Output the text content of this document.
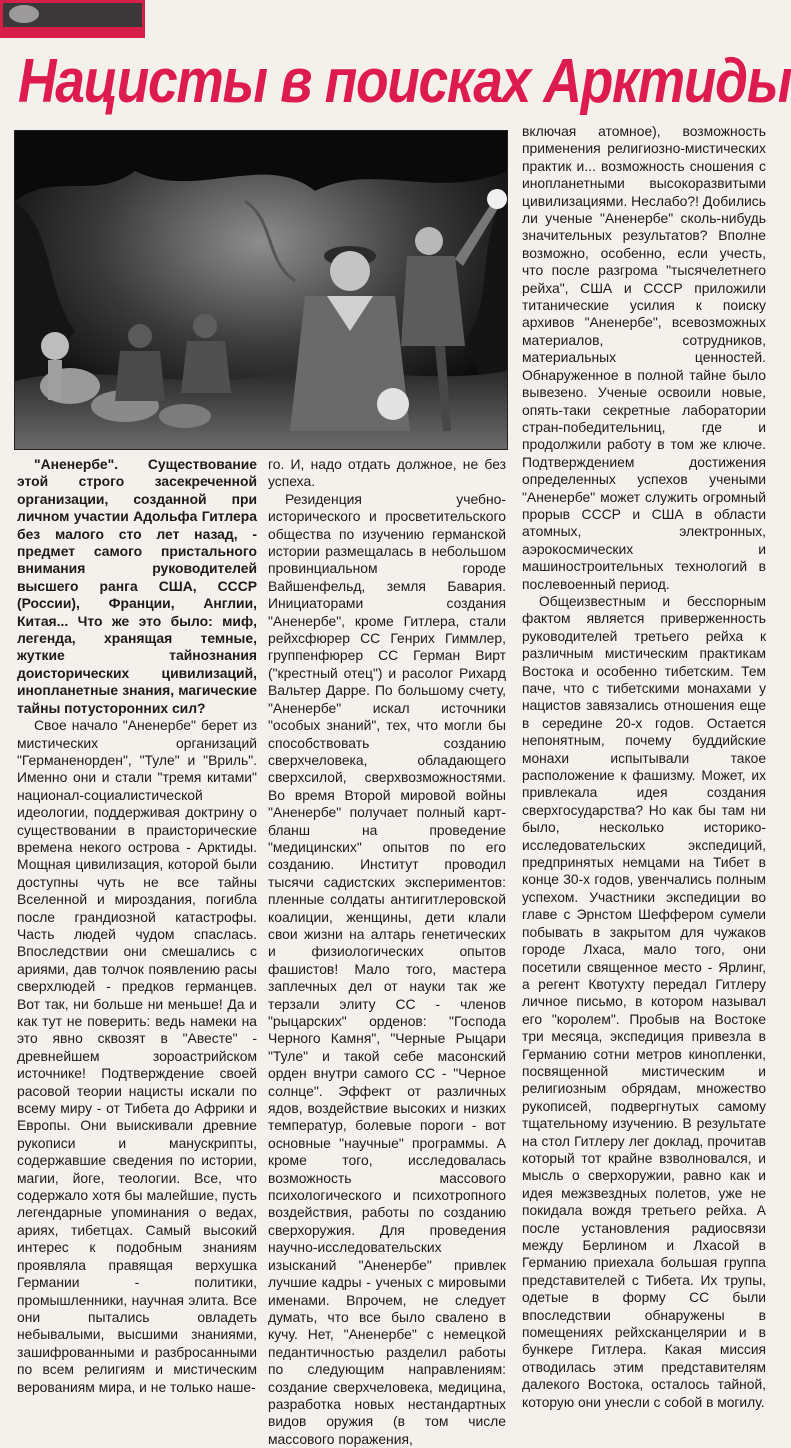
Нацисты в поисках Арктиды

"Аненербе". Существование этой строго засекреченной организации, созданной при личном участии Адольфа Гитлера без малого сто лет назад, - предмет самого пристального внимания руководителей высшего ранга США, СССР (России), Франции, Англии, Китая... Что же это было: миф, легенда, хранящая темные, жуткие тайнознания доисторических цивилизаций, инопланетные знания, магические тайны потусторонних сил?

Свое начало "Аненербе" берет из мистических организаций "Германенорден", "Туле" и "Вриль". Именно они и стали "тремя китами" национал-социалистической идеологии, поддерживая доктрину о существовании в праисторические времена некого острова - Арктиды. Мощная цивилизация, которой были доступны чуть не все тайны Вселенной и мироздания, погибла после грандиозной катастрофы. Часть людей чудом спаслась. Впоследствии они смешались с ариями, дав толчок появлению расы сверхлюдей - предков германцев. Вот так, ни больше ни меньше! Да и как тут не поверить: ведь намеки на это явно сквозят в "Авесте" - древнейшем зороастрийском источнике! Подтверждение своей расовой теории нацисты искали по всему миру - от Тибета до Африки и Европы. Они выискивали древние рукописи и манускрипты, содержавшие сведения по истории, магии, йоге, теологии. Все, что содержало хотя бы малейшие, пусть легендарные упоминания о ведах, ариях, тибетцах. Самый высокий интерес к подобным знаниям проявляла правящая верхушка Германии - политики, промышленники, научная элита. Все они пытались овладеть небывалыми, высшими знаниями, зашифрованными и разбросанными по всем религиям и мистическим верованиям мира, и не только наше-

го. И, надо отдать должное, не без успеха.

Резиденция учебно-исторического и просветительского общества по изучению германской истории размещалась в небольшом провинциальном городе Вайшенфельд, земля Бавария. Инициаторами создания "Аненербе", кроме Гитлера, стали рейхсфюрер СС Генрих Гиммлер, группенфюрер СС Герман Вирт ("крестный отец") и расолог Рихард Вальтер Дарре. По большому счету, "Аненербе" искал источники "особых знаний", тех, что могли бы способствовать созданию сверхчеловека, обладающего сверхсилой, сверхвозможностями. Во время Второй мировой войны "Аненербе" получает полный карт-бланш на проведение "медицинских" опытов по его созданию. Институт проводил тысячи садистских экспериментов: пленные солдаты антигитлеровской коалиции, женщины, дети клали свои жизни на алтарь генетических и физиологических опытов фашистов! Мало того, мастера заплечных дел от науки так же терзали элиту СС - членов "рыцарских" орденов: "Господа Черного Камня", "Черные Рыцари "Туле" и такой себе масонский орден внутри самого СС - "Черное солнце". Эффект от различных ядов, воздействие высоких и низких температур, болевые пороги - вот основные "научные" программы. А кроме того, исследовалась возможность массового психологического и психотропного воздействия, работы по созданию сверхоружия. Для проведения научно-исследовательских изысканий "Аненербе" привлек лучшие кадры - ученых с мировыми именами. Впрочем, не следует думать, что все было свалено в кучу. Нет, "Аненербе" с немецкой педантичностью разделил работы по следующим направлениям: создание сверхчеловека, медицина, разработка новых нестандартных видов оружия (в том числе массового поражения,

включая атомное), возможность применения религиозно-мистических практик и... возможность сношения с инопланетными высокоразвитыми цивилизациями. Неслабо?! Добились ли ученые "Аненербе" сколь-нибудь значительных результатов? Вполне возможно, особенно, если учесть, что после разгрома "тысячелетнего рейха", США и СССР приложили титанические усилия к поиску архивов "Аненербе", всевозможных материалов, сотрудников, материальных ценностей. Обнаруженное в полной тайне было вывезено. Ученые освоили новые, опять-таки секретные лаборатории стран-победительниц, где и продолжили работу в том же ключе. Подтверждением достижения определенных успехов учеными "Аненербе" может служить огромный прорыв СССР и США в области атомных, электронных, аэрокосмических и машиностроительных технологий в послевоенный период.

Общеизвестным и бесспорным фактом является приверженность руководителей третьего рейха к различным мистическим практикам Востока и особенно тибетским. Тем паче, что с тибетскими монахами у нацистов завязались отношения еще в середине 20-х годов. Остается непонятным, почему буддийские монахи испытывали такое расположение к фашизму. Может, их привлекала идея создания сверхгосударства? Но как бы там ни было, несколько историко-исследовательских экспедиций, предпринятых немцами на Тибет в конце 30-х годов, увенчались полным успехом. Участники экспедиции во главе с Эрнстом Шеффером сумели побывать в закрытом для чужаков городе Лхаса, мало того, они посетили священное место - Ярлинг, а регент Квотухту передал Гитлеру личное письмо, в котором называл его "королем". Пробыв на Востоке три месяца, экспедиция привезла в Германию сотни метров кинопленки, посвященной мистическим и религиозным обрядам, множество рукописей, подвергнутых самому тщательному изучению. В результате на стол Гитлеру лег доклад, прочитав который тот крайне взволновался, и мысль о сверхоружии, равно как и идея межзвездных полетов, уже не покидала вождя третьего рейха. А после установления радиосвязи между Берлином и Лхасой в Германию приехала большая группа представителей с Тибета. Их трупы, одетые в форму СС были впоследствии обнаружены в помещениях рейхсканцелярии и в бункере Гитлера. Какая миссия отводилась этим представителям далекого Востока, осталось тайной, которую они унесли с собой в могилу.
